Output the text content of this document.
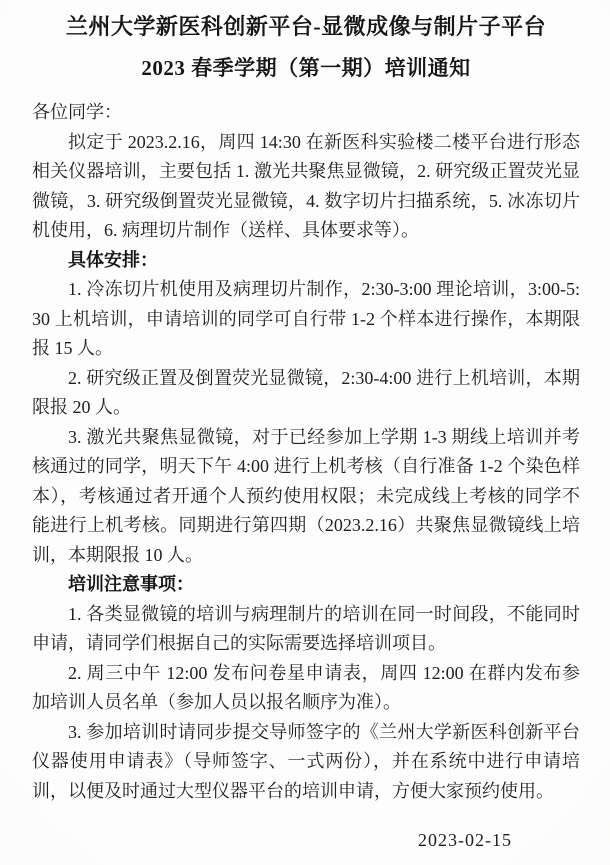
兰州大学新医科创新平台-显微成像与制片子平台

2023 春季学期（第一期）培训通知

各位同学：

拟定于 2023.2.16，周四 14:30 在新医科实验楼二楼平台进行形态相关仪器培训，主要包括 1. 激光共聚焦显微镜，2. 研究级正置荧光显微镜，3. 研究级倒置荧光显微镜，4. 数字切片扫描系统，5. 冰冻切片机使用，6. 病理切片制作（送样、具体要求等）。

具体安排：

1. 冷冻切片机使用及病理切片制作，2:30-3:00 理论培训，3:00-5:30 上机培训，申请培训的同学可自行带 1-2 个样本进行操作，本期限报 15 人。

2. 研究级正置及倒置荧光显微镜，2:30-4:00 进行上机培训，本期限报 20 人。

3. 激光共聚焦显微镜，对于已经参加上学期 1-3 期线上培训并考核通过的同学，明天下午 4:00 进行上机考核（自行准备 1-2 个染色样本），考核通过者开通个人预约使用权限；未完成线上考核的同学不能进行上机考核。同期进行第四期（2023.2.16）共聚焦显微镜线上培训，本期限报 10 人。

培训注意事项：

1. 各类显微镜的培训与病理制片的培训在同一时间段，不能同时申请，请同学们根据自己的实际需要选择培训项目。

2. 周三中午 12:00 发布问卷星申请表，周四 12:00 在群内发布参加培训人员名单（参加人员以报名顺序为准）。

3. 参加培训时请同步提交导师签字的《兰州大学新医科创新平台仪器使用申请表》（导师签字、一式两份），并在系统中进行申请培训，以便及时通过大型仪器平台的培训申请，方便大家预约使用。

2023-02-15
